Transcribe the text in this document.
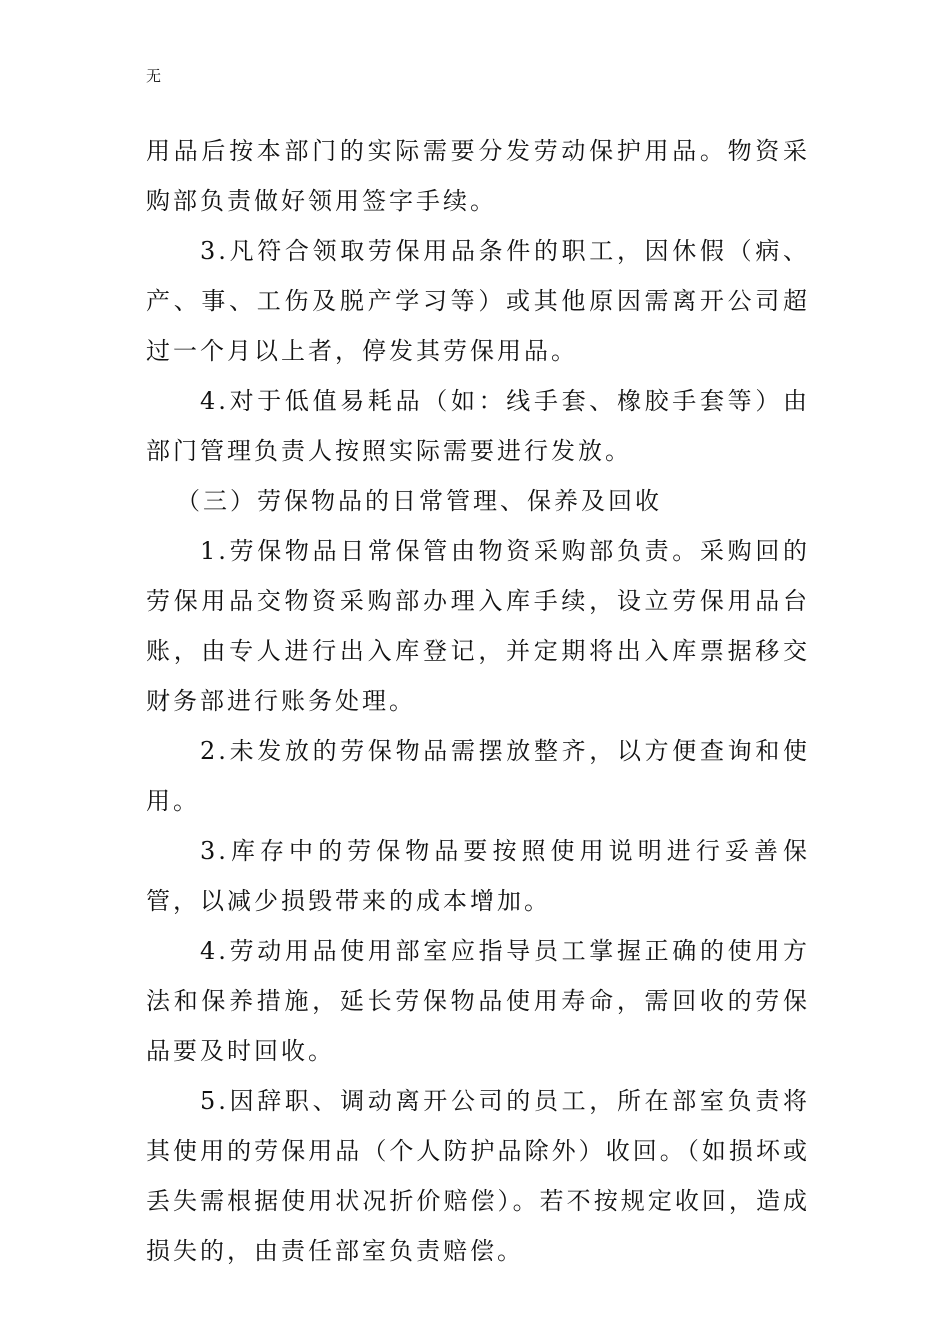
无

用品后按本部门的实际需要分发劳动保护用品。物资采购部负责做好领用签字手续。

3.凡符合领取劳保用品条件的职工，因休假（病、产、事、工伤及脱产学习等）或其他原因需离开公司超过一个月以上者，停发其劳保用品。

4.对于低值易耗品（如：线手套、橡胶手套等）由部门管理负责人按照实际需要进行发放。

（三）劳保物品的日常管理、保养及回收

1.劳保物品日常保管由物资采购部负责。采购回的劳保用品交物资采购部办理入库手续，设立劳保用品台账，由专人进行出入库登记，并定期将出入库票据移交财务部进行账务处理。

2.未发放的劳保物品需摆放整齐，以方便查询和使用。

3.库存中的劳保物品要按照使用说明进行妥善保管，以减少损毁带来的成本增加。

4.劳动用品使用部室应指导员工掌握正确的使用方法和保养措施，延长劳保物品使用寿命，需回收的劳保品要及时回收。

5.因辞职、调动离开公司的员工，所在部室负责将其使用的劳保用品（个人防护品除外）收回。（如损坏或丢失需根据使用状况折价赔偿）。若不按规定收回，造成损失的，由责任部室负责赔偿。
